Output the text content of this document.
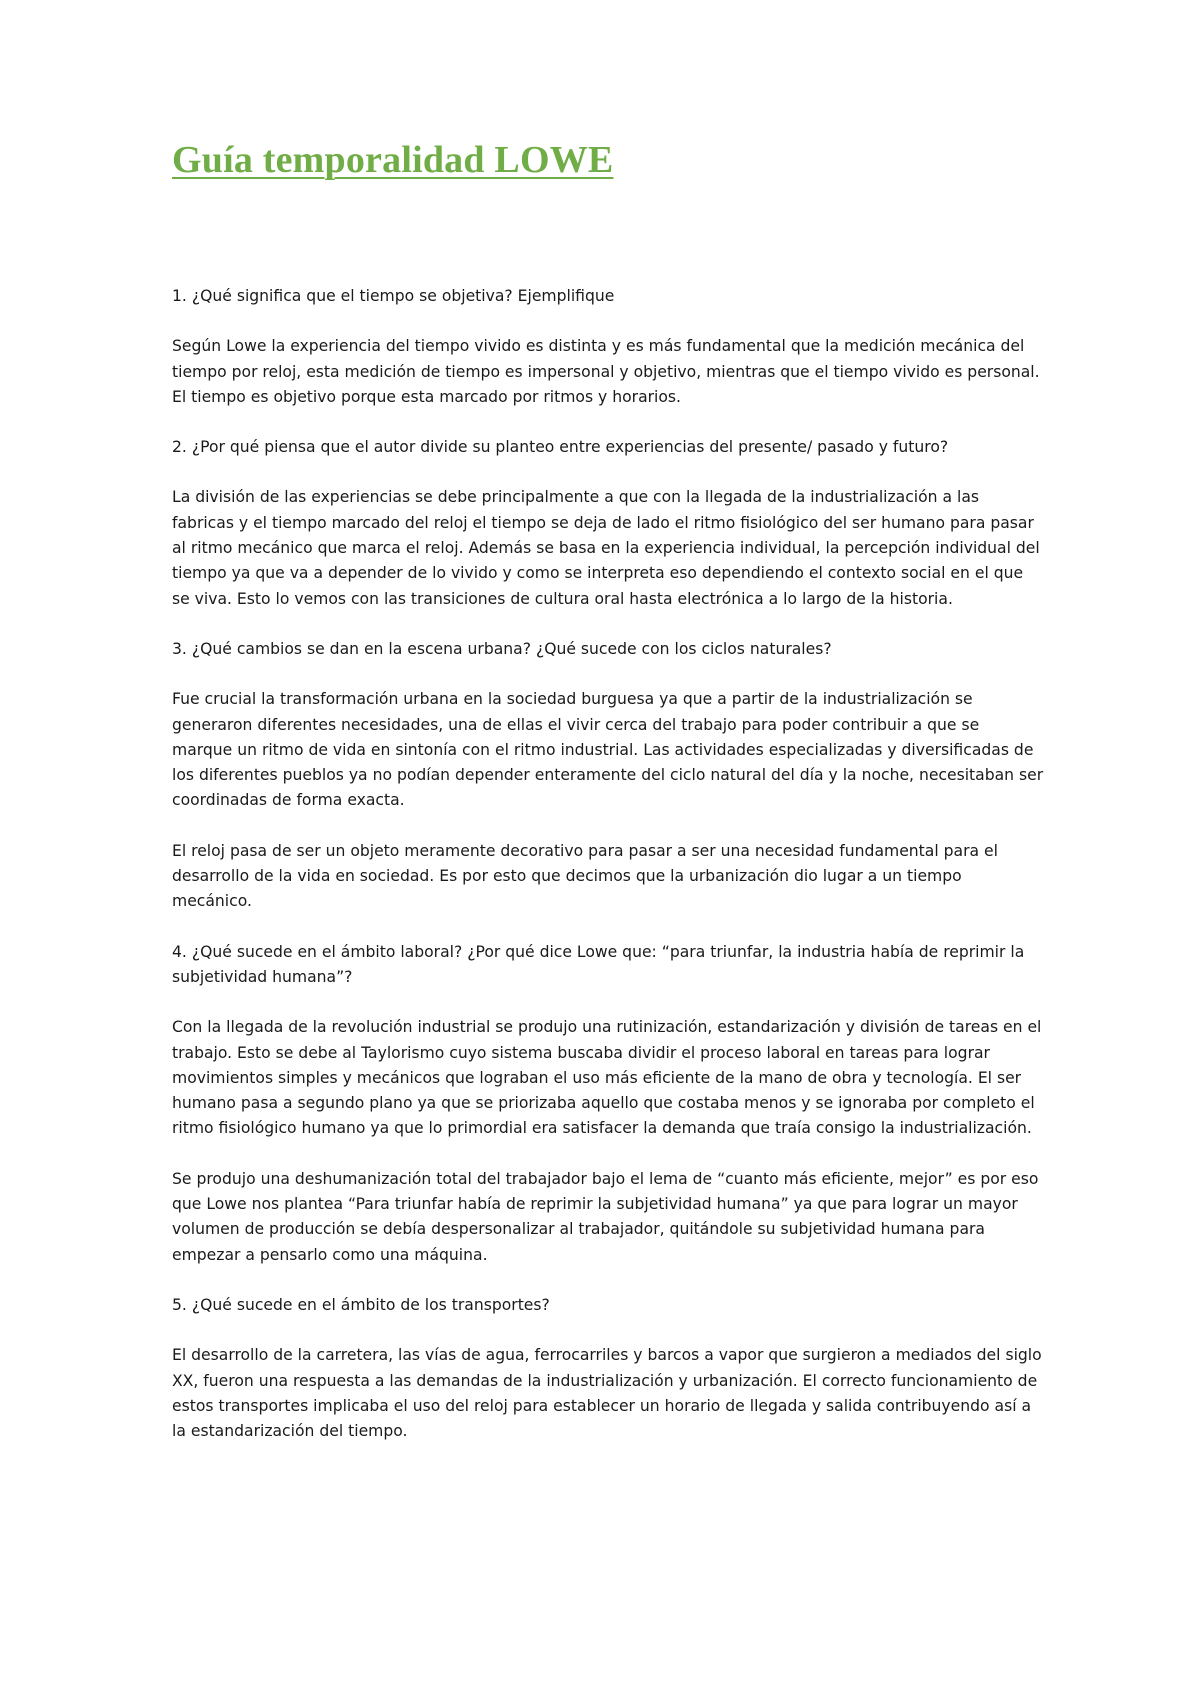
Guía temporalidad LOWE

1. ¿Qué significa que el tiempo se objetiva? Ejemplifique

Según Lowe la experiencia del tiempo vivido es distinta y es más fundamental que la medición mecánica del tiempo por reloj, esta medición de tiempo es impersonal y objetivo, mientras que el tiempo vivido es personal. El tiempo es objetivo porque esta marcado por ritmos y horarios.

2. ¿Por qué piensa que el autor divide su planteo entre experiencias del presente/ pasado y futuro?

La división de las experiencias se debe principalmente a que con la llegada de la industrialización a las fabricas y el tiempo marcado del reloj el tiempo se deja de lado el ritmo fisiológico del ser humano para pasar al ritmo mecánico que marca el reloj. Además se basa en la experiencia individual, la percepción individual del tiempo ya que va a depender de lo vivido y como se interpreta eso dependiendo el contexto social en el que se viva. Esto lo vemos con las transiciones de cultura oral hasta electrónica a lo largo de la historia.

3. ¿Qué cambios se dan en la escena urbana? ¿Qué sucede con los ciclos naturales?

Fue crucial la transformación urbana en la sociedad burguesa ya que a partir de la industrialización se generaron diferentes necesidades, una de ellas el vivir cerca del trabajo para poder contribuir a que se marque un ritmo de vida en sintonía con el ritmo industrial. Las actividades especializadas y diversificadas de los diferentes pueblos ya no podían depender enteramente del ciclo natural del día y la noche, necesitaban ser coordinadas de forma exacta.

El reloj pasa de ser un objeto meramente decorativo para pasar a ser una necesidad fundamental para el desarrollo de la vida en sociedad. Es por esto que decimos que la urbanización dio lugar a un tiempo mecánico.

4. ¿Qué sucede en el ámbito laboral? ¿Por qué dice Lowe que: “para triunfar, la industria había de reprimir la subjetividad humana”?

Con la llegada de la revolución industrial se produjo una rutinización, estandarización y división de tareas en el trabajo. Esto se debe al Taylorismo cuyo sistema buscaba dividir el proceso laboral en tareas para lograr movimientos simples y mecánicos que lograban el uso más eficiente de la mano de obra y tecnología. El ser humano pasa a segundo plano ya que se priorizaba aquello que costaba menos y se ignoraba por completo el ritmo fisiológico humano ya que lo primordial era satisfacer la demanda que traía consigo la industrialización.

Se produjo una deshumanización total del trabajador bajo el lema de “cuanto más eficiente, mejor” es por eso que Lowe nos plantea “Para triunfar había de reprimir la subjetividad humana” ya que para lograr un mayor volumen de producción se debía despersonalizar al trabajador, quitándole su subjetividad humana para empezar a pensarlo como una máquina.

5. ¿Qué sucede en el ámbito de los transportes?

El desarrollo de la carretera, las vías de agua, ferrocarriles y barcos a vapor que surgieron a mediados del siglo XX, fueron una respuesta a las demandas de la industrialización y urbanización. El correcto funcionamiento de estos transportes implicaba el uso del reloj para establecer un horario de llegada y salida contribuyendo así a la estandarización del tiempo.
